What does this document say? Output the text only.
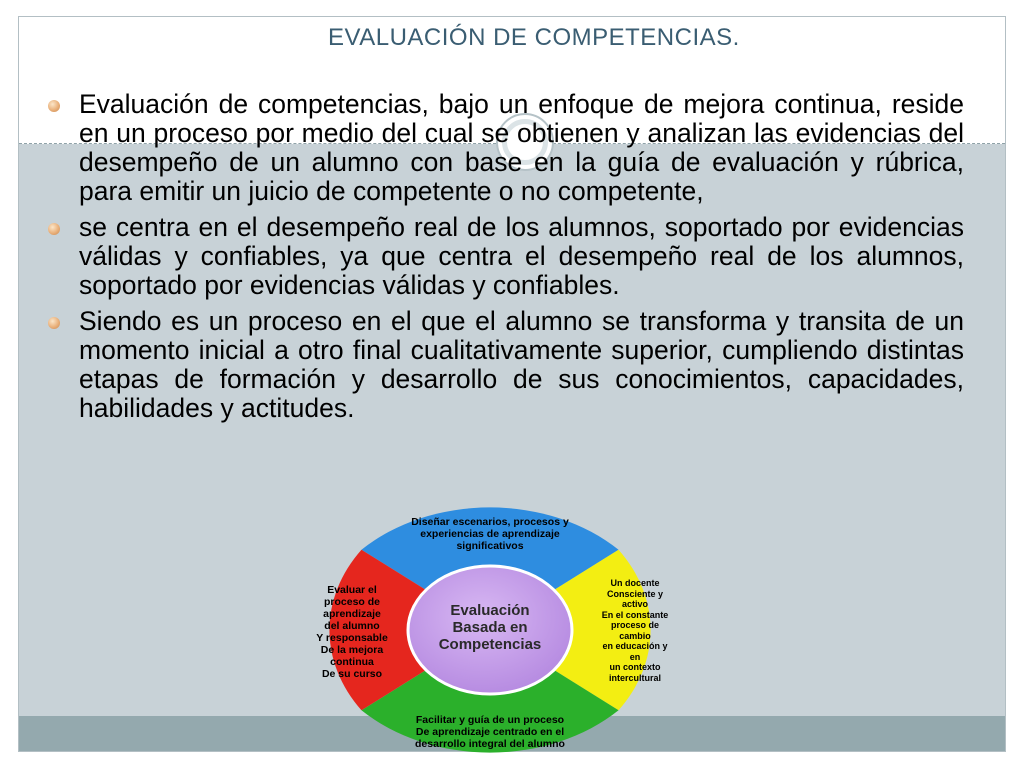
EVALUACIÓN DE COMPETENCIAS.
Evaluación de competencias, bajo un enfoque de mejora continua, reside en un proceso por medio del cual se obtienen y analizan las evidencias del desempeño de un alumno con base en la guía de evaluación y rúbrica, para emitir un juicio de competente o no competente,
se centra en el desempeño real de los alumnos, soportado por evidencias válidas y confiables, ya que centra el desempeño real de los alumnos, soportado por evidencias válidas y confiables.
Siendo es un proceso en el que el alumno se transforma y transita de un momento inicial a otro final cualitativamente superior, cumpliendo distintas etapas de formación y desarrollo de sus conocimientos, capacidades, habilidades y actitudes.

Diseñar escenarios, procesos y
experiencias de aprendizaje
significativos

Un docente
Consciente y
activo
En el constante
proceso de
cambio
en educación y
en
un contexto
intercultural

Facilitar y guía de un proceso
De aprendizaje centrado en el
desarrollo integral del alumno

Evaluar el
proceso de
aprendizaje
del alumno
Y responsable
De la mejora
continua
De su curso

Evaluación
Basada en
Competencias
